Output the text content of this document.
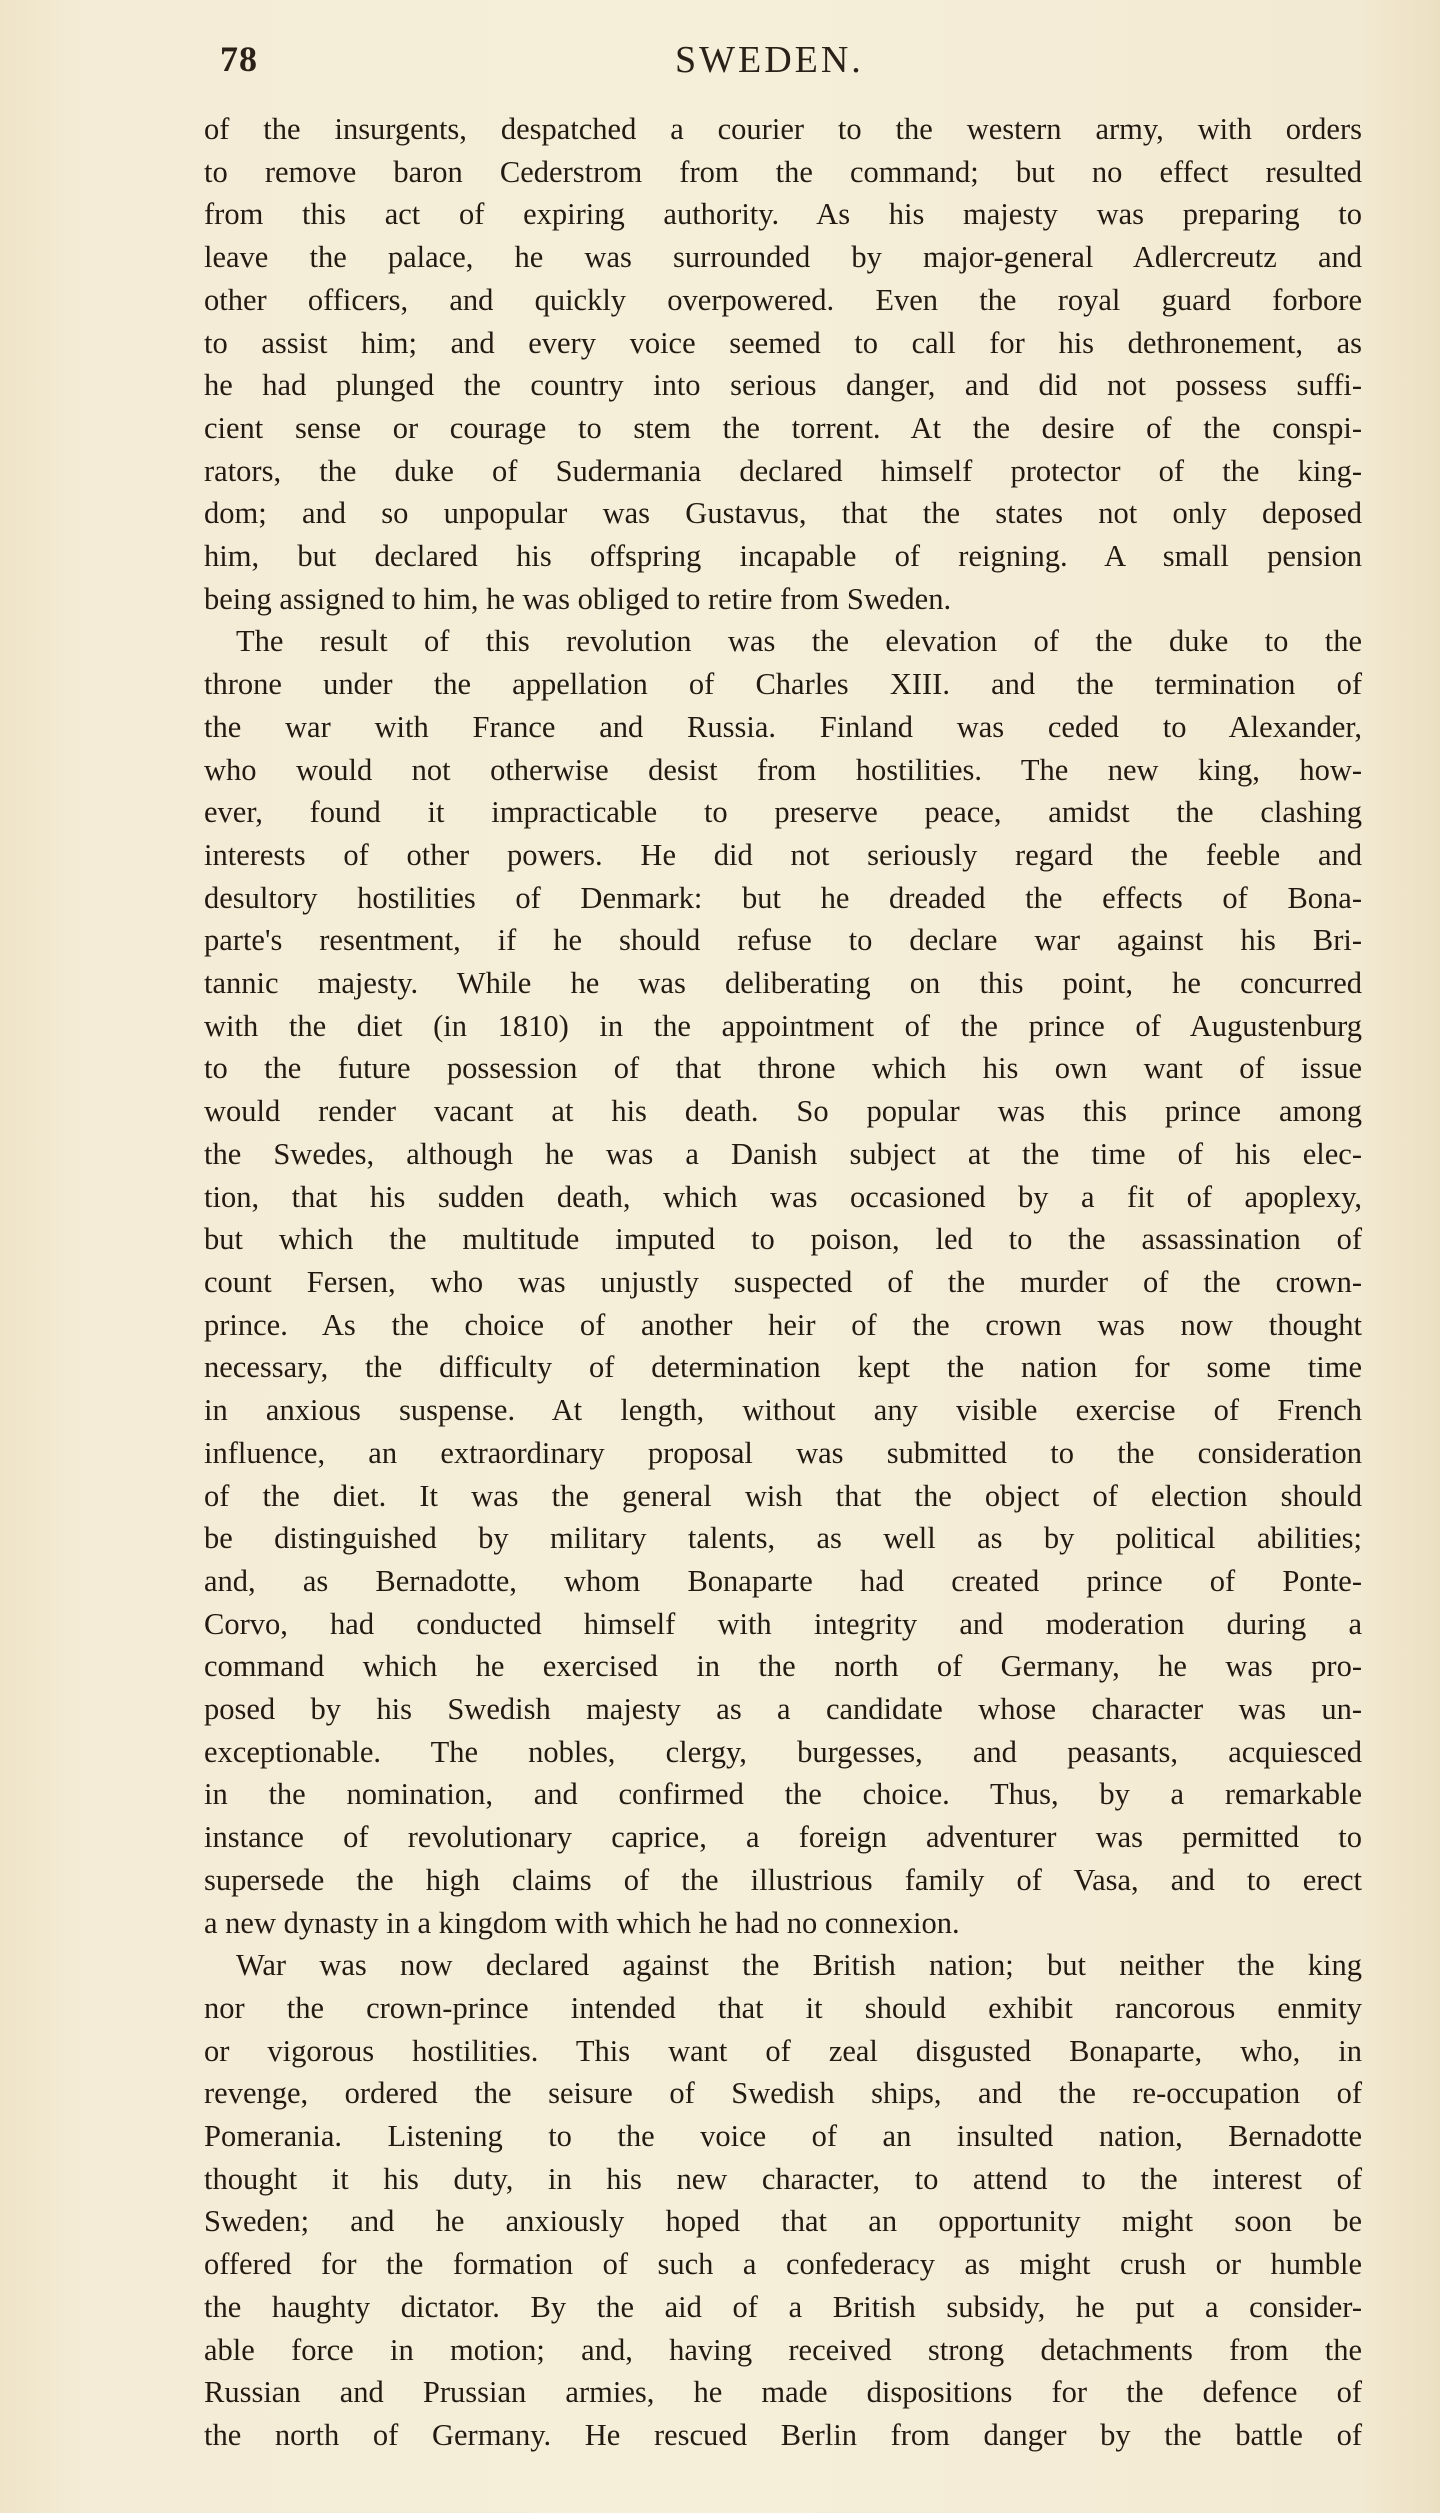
78	SWEDEN.
of the insurgents, despatched a courier to the western army, with orders
to remove baron Cederstrom from the command; but no effect resulted
from this act of expiring authority. As his majesty was preparing to
leave the palace, he was surrounded by major-general Adlercreutz and
other officers, and quickly overpowered. Even the royal guard forbore
to assist him; and every voice seemed to call for his dethronement, as
he had plunged the country into serious danger, and did not possess suffi-
cient sense or courage to stem the torrent. At the desire of the conspi-
rators, the duke of Sudermania declared himself protector of the king-
dom; and so unpopular was Gustavus, that the states not only deposed
him, but declared his offspring incapable of reigning. A small pension
being assigned to him, he was obliged to retire from Sweden.
The result of this revolution was the elevation of the duke to the
throne under the appellation of Charles XIII. and the termination of
the war with France and Russia. Finland was ceded to Alexander,
who would not otherwise desist from hostilities. The new king, how-
ever, found it impracticable to preserve peace, amidst the clashing
interests of other powers. He did not seriously regard the feeble and
desultory hostilities of Denmark: but he dreaded the effects of Bona-
parte's resentment, if he should refuse to declare war against his Bri-
tannic majesty. While he was deliberating on this point, he concurred
with the diet (in 1810) in the appointment of the prince of Augustenburg
to the future possession of that throne which his own want of issue
would render vacant at his death. So popular was this prince among
the Swedes, although he was a Danish subject at the time of his elec-
tion, that his sudden death, which was occasioned by a fit of apoplexy,
but which the multitude imputed to poison, led to the assassination of
count Fersen, who was unjustly suspected of the murder of the crown-
prince. As the choice of another heir of the crown was now thought
necessary, the difficulty of determination kept the nation for some time
in anxious suspense. At length, without any visible exercise of French
influence, an extraordinary proposal was submitted to the consideration
of the diet. It was the general wish that the object of election should
be distinguished by military talents, as well as by political abilities;
and, as Bernadotte, whom Bonaparte had created prince of Ponte-
Corvo, had conducted himself with integrity and moderation during a
command which he exercised in the north of Germany, he was pro-
posed by his Swedish majesty as a candidate whose character was un-
exceptionable. The nobles, clergy, burgesses, and peasants, acquiesced
in the nomination, and confirmed the choice. Thus, by a remarkable
instance of revolutionary caprice, a foreign adventurer was permitted to
supersede the high claims of the illustrious family of Vasa, and to erect
a new dynasty in a kingdom with which he had no connexion.
War was now declared against the British nation; but neither the king
nor the crown-prince intended that it should exhibit rancorous enmity
or vigorous hostilities. This want of zeal disgusted Bonaparte, who, in
revenge, ordered the seisure of Swedish ships, and the re-occupation of
Pomerania. Listening to the voice of an insulted nation, Bernadotte
thought it his duty, in his new character, to attend to the interest of
Sweden; and he anxiously hoped that an opportunity might soon be
offered for the formation of such a confederacy as might crush or humble
the haughty dictator. By the aid of a British subsidy, he put a consider-
able force in motion; and, having received strong detachments from the
Russian and Prussian armies, he made dispositions for the defence of
the north of Germany. He rescued Berlin from danger by the battle of
